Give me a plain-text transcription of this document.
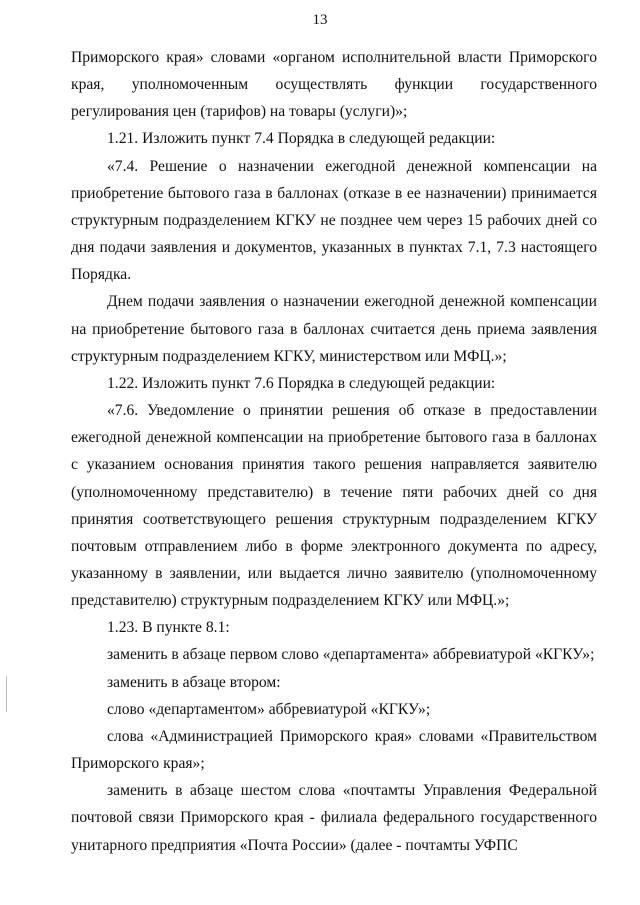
13

Приморского края» словами «органом исполнительной власти Приморского края, уполномоченным осуществлять функции государственного регулирования цен (тарифов) на товары (услуги)»;

1.21. Изложить пункт 7.4 Порядка в следующей редакции:

«7.4. Решение о назначении ежегодной денежной компенсации на приобретение бытового газа в баллонах (отказе в ее назначении) принимается структурным подразделением КГКУ не позднее чем через 15 рабочих дней со дня подачи заявления и документов, указанных в пунктах 7.1, 7.3 настоящего Порядка.

Днем подачи заявления о назначении ежегодной денежной компенсации на приобретение бытового газа в баллонах считается день приема заявления структурным подразделением КГКУ, министерством или МФЦ.»;

1.22. Изложить пункт 7.6 Порядка в следующей редакции:

«7.6. Уведомление о принятии решения об отказе в предоставлении ежегодной денежной компенсации на приобретение бытового газа в баллонах с указанием основания принятия такого решения направляется заявителю (уполномоченному представителю) в течение пяти рабочих дней со дня принятия соответствующего решения структурным подразделением КГКУ почтовым отправлением либо в форме электронного документа по адресу, указанному в заявлении, или выдается лично заявителю (уполномоченному представителю) структурным подразделением КГКУ или МФЦ.»;

1.23. В пункте 8.1:

заменить в абзаце первом слово «департамента» аббревиатурой «КГКУ»;

заменить в абзаце втором:

слово «департаментом» аббревиатурой «КГКУ»;

слова «Администрацией Приморского края» словами «Правительством Приморского края»;

заменить в абзаце шестом слова «почтамты Управления Федеральной почтовой связи Приморского края - филиала федерального государственного унитарного предприятия «Почта России» (далее - почтамты УФПС
